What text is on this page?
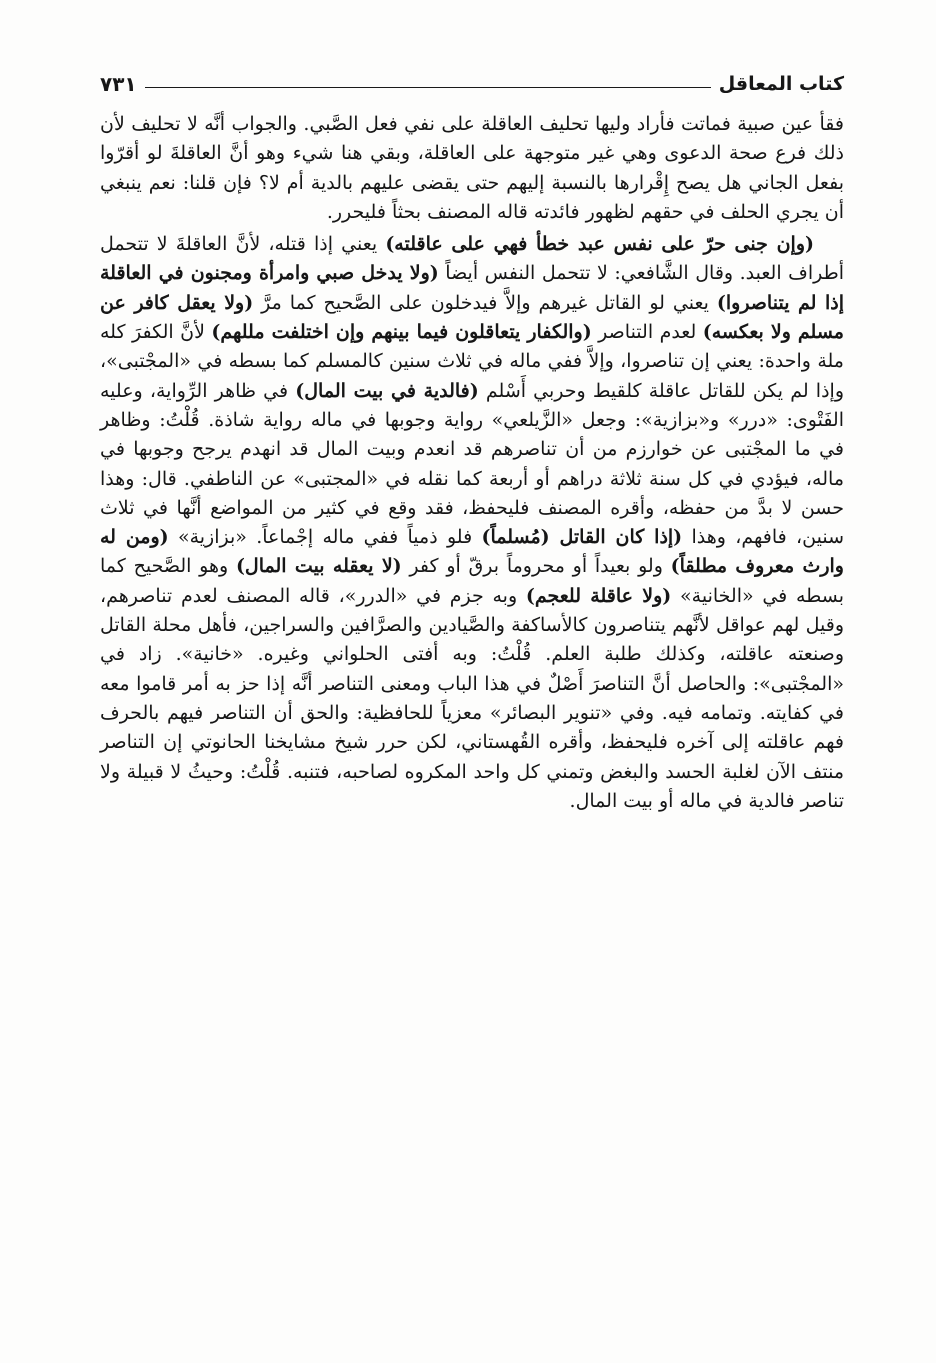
كتاب المعاقل
٧٣١

فقأ عين صبية فماتت فأراد وليها تحليف العاقلة على نفي فعل الصَّبي. والجواب أنَّه لا تحليف لأن ذلك فرع صحة الدعوى وهي غير متوجهة على العاقلة، وبقي هنا شيء وهو أنَّ العاقلةَ لو أقرّوا بفعل الجاني هل يصح إِقْرارها بالنسبة إليهم حتى يقضى عليهم بالدية أم لا؟ فإن قلنا: نعم ينبغي أن يجري الحلف في حقهم لظهور فائدته قاله المصنف بحثاً فليحرر.

(وإن جنى حرّ على نفس عبد خطأ فهي على عاقلته) يعني إذا قتله، لأنَّ العاقلةَ لا تتحمل أطراف العبد. وقال الشَّافعي: لا تتحمل النفس أيضاً (ولا يدخل صبي وامرأة ومجنون في العاقلة إذا لم يتناصروا) يعني لو القاتل غيرهم وإلاَّ فيدخلون على الصَّحيح كما مرَّ (ولا يعقل كافر عن مسلم ولا بعكسه) لعدم التناصر (والكفار يتعاقلون فيما بينهم وإن اختلفت مللهم) لأنَّ الكفرَ كله ملة واحدة: يعني إن تناصروا، وإلاَّ ففي ماله في ثلاث سنين كالمسلم كما بسطه في «المجْتبى»، وإذا لم يكن للقاتل عاقلة كلقيط وحربي أَسْلم (فالدية في بيت المال) في ظاهر الرِّواية، وعليه الفَتْوى: «درر» و«بزازية»: وجعل «الزَّيلعي» رواية وجوبها في ماله رواية شاذة. قُلْتُ: وظاهر في ما المجْتبى عن خوارزم من أن تناصرهم قد انعدم وبيت المال قد انهدم يرجح وجوبها في ماله، فيؤدي في كل سنة ثلاثة دراهم أو أربعة كما نقله في «المجتبى» عن الناطفي. قال: وهذا حسن لا بدَّ من حفظه، وأقره المصنف فليحفظ، فقد وقع في كثير من المواضع أنَّها في ثلاث سنين، فافهم، وهذا (إذا كان القاتل (مُسلماً) فلو ذمياً ففي ماله إجْماعاً. «بزازية» (ومن له وارث معروف مطلقاً) ولو بعيداً أو محروماً برقّ أو كفر (لا يعقله بيت المال) وهو الصَّحيح كما بسطه في «الخانية» (ولا عاقلة للعجم) وبه جزم في «الدرر»، قاله المصنف لعدم تناصرهم، وقيل لهم عواقل لأنَّهم يتناصرون كالأساكفة والصَّيادين والصرَّافين والسراجين، فأهل محلة القاتل وصنعته عاقلته، وكذلك طلبة العلم. قُلْتُ: وبه أفتى الحلواني وغيره. «خانية». زاد في «المجْتبى»: والحاصل أنَّ التناصرَ أَصْلٌ في هذا الباب ومعنى التناصر أنَّه إذا حز به أمر قاموا معه في كفايته. وتمامه فيه. وفي «تنوير البصائر» معزياً للحافظية: والحق أن التناصر فيهم بالحرف فهم عاقلته إلى آخره فليحفظ، وأقره القُهستاني، لكن حرر شيخ مشايخنا الحانوتي إن التناصر منتف الآن لغلبة الحسد والبغض وتمني كل واحد المكروه لصاحبه، فتنبه. قُلْتُ: وحيثُ لا قبيلة ولا تناصر فالدية في ماله أو بيت المال.
